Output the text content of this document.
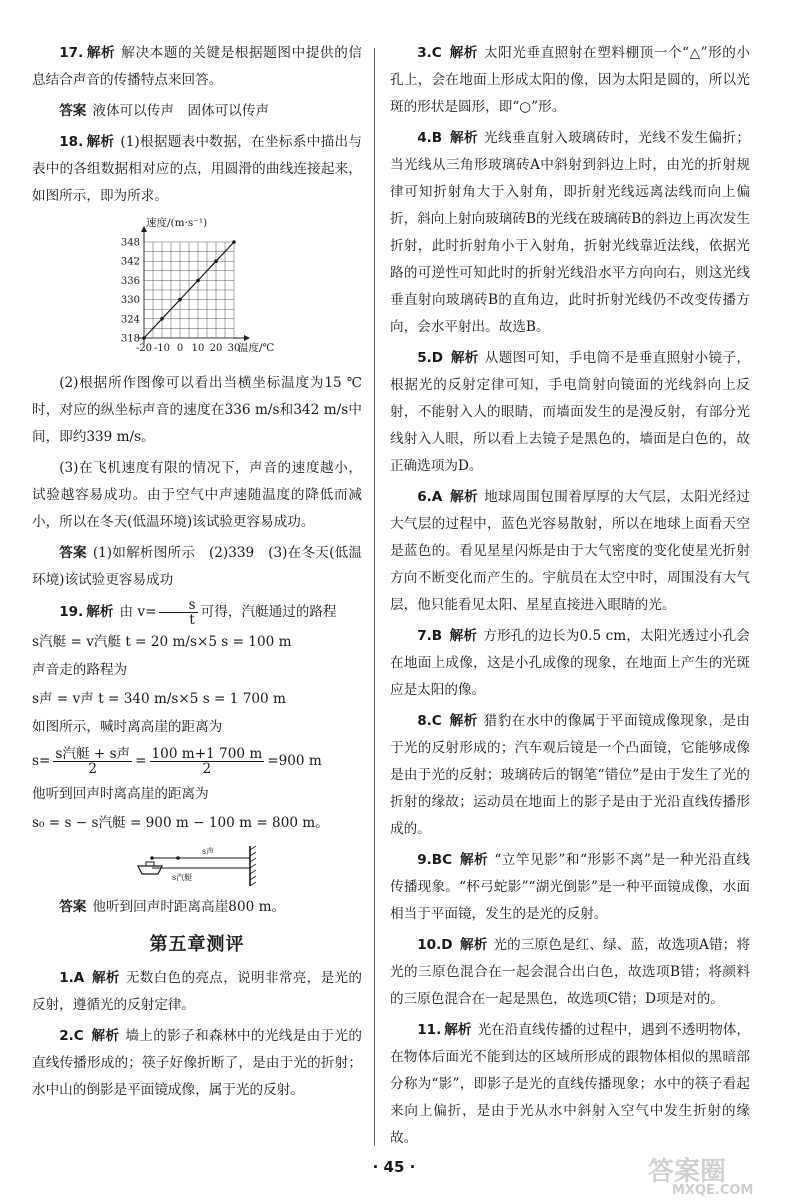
17. 解析 解决本题的关键是根据题图中提供的信息结合声音的传播特点来回答。

答案 液体可以传声　固体可以传声

18. 解析 (1)根据题表中数据，在坐标系中描出与表中的各组数据相对应的点，用圆滑的曲线连接起来，如图所示，即为所求。

318
324
330
336
342
348
-20 -10 0 10 20 30
速度/(m·s⁻¹)
温度/℃

(2)根据所作图像可以看出当横坐标温度为15 ℃时，对应的纵坐标声音的速度在336 m/s和342 m/s中间，即约339 m/s。

(3)在飞机速度有限的情况下，声音的速度越小，试验越容易成功。由于空气中声速随温度的降低而减小，所以在冬天(低温环境)该试验更容易成功。

答案 (1)如解析图所示　(2)339　(3)在冬天(低温环境)该试验更容易成功

19. 解析 由 $v= \frac{s}{t}$ 可得，汽艇通过的路程

s汽艇 = v汽艇 t = 20 m/s×5 s = 100 m

声音走的路程为

s声 = v声 t = 340 m/s×5 s = 1 700 m

如图所示，喊时离高崖的距离为

$s= \frac{\text{s汽艇 + s声}}{2} = \frac{100 m+1 700 m}{2} =900$ m

他听到回声时离高崖的距离为

s₀ = s − s汽艇 = 900 m − 100 m = 800 m。

s声
s汽艇

答案 他听到回声时距离高崖800 m。

第五章测评

1.A 解析 无数白色的亮点，说明非常亮，是光的反射，遵循光的反射定律。

2.C 解析 墙上的影子和森林中的光线是由于光的直线传播形成的；筷子好像折断了，是由于光的折射；水中山的倒影是平面镜成像，属于光的反射。

3.C 解析 太阳光垂直照射在塑料棚顶一个“△”形的小孔上，会在地面上形成太阳的像，因为太阳是圆的，所以光斑的形状是圆形，即“○”形。

4.B 解析 光线垂直射入玻璃砖时，光线不发生偏折；当光线从三角形玻璃砖A中斜射到斜边上时，由光的折射规律可知折射角大于入射角，即折射光线远离法线而向上偏折，斜向上射向玻璃砖B的光线在玻璃砖B的斜边上再次发生折射，此时折射角小于入射角，折射光线靠近法线，依据光路的可逆性可知此时的折射光线沿水平方向向右，则这光线垂直射向玻璃砖B的直角边，此时折射光线仍不改变传播方向，会水平射出。故选B。

5.D 解析 从题图可知，手电筒不是垂直照射小镜子，根据光的反射定律可知，手电筒射向镜面的光线斜向上反射，不能射入人的眼睛，而墙面发生的是漫反射，有部分光线射入人眼，所以看上去镜子是黑色的，墙面是白色的，故正确选项为D。

6.A 解析 地球周围包围着厚厚的大气层，太阳光经过大气层的过程中，蓝色光容易散射，所以在地球上面看天空是蓝色的。看见星星闪烁是由于大气密度的变化使星光折射方向不断变化而产生的。宇航员在太空中时，周围没有大气层，他只能看见太阳、星星直接进入眼睛的光。

7.B 解析 方形孔的边长为0.5 cm，太阳光透过小孔会在地面上成像，这是小孔成像的现象，在地面上产生的光斑应是太阳的像。

8.C 解析 猎豹在水中的像属于平面镜成像现象，是由于光的反射形成的；汽车观后镜是一个凸面镜，它能够成像是由于光的反射；玻璃砖后的钢笔“错位”是由于发生了光的折射的缘故；运动员在地面上的影子是由于光沿直线传播形成的。

9.BC 解析 “立竿见影”和“形影不离”是一种光沿直线传播现象。“杯弓蛇影”“湖光倒影”是一种平面镜成像，水面相当于平面镜，发生的是光的反射。

10.D 解析 光的三原色是红、绿、蓝，故选项A错；将光的三原色混合在一起会混合出白色，故选项B错；将颜料的三原色混合在一起是黑色，故选项C错；D项是对的。

11. 解析 光在沿直线传播的过程中，遇到不透明物体，在物体后面光不能到达的区域所形成的跟物体相似的黑暗部分称为“影”，即影子是光的直线传播现象；水中的筷子看起来向上偏折，是由于光从水中斜射入空气中发生折射的缘故。

· 45 ·	答案圈
MXQE.COM
